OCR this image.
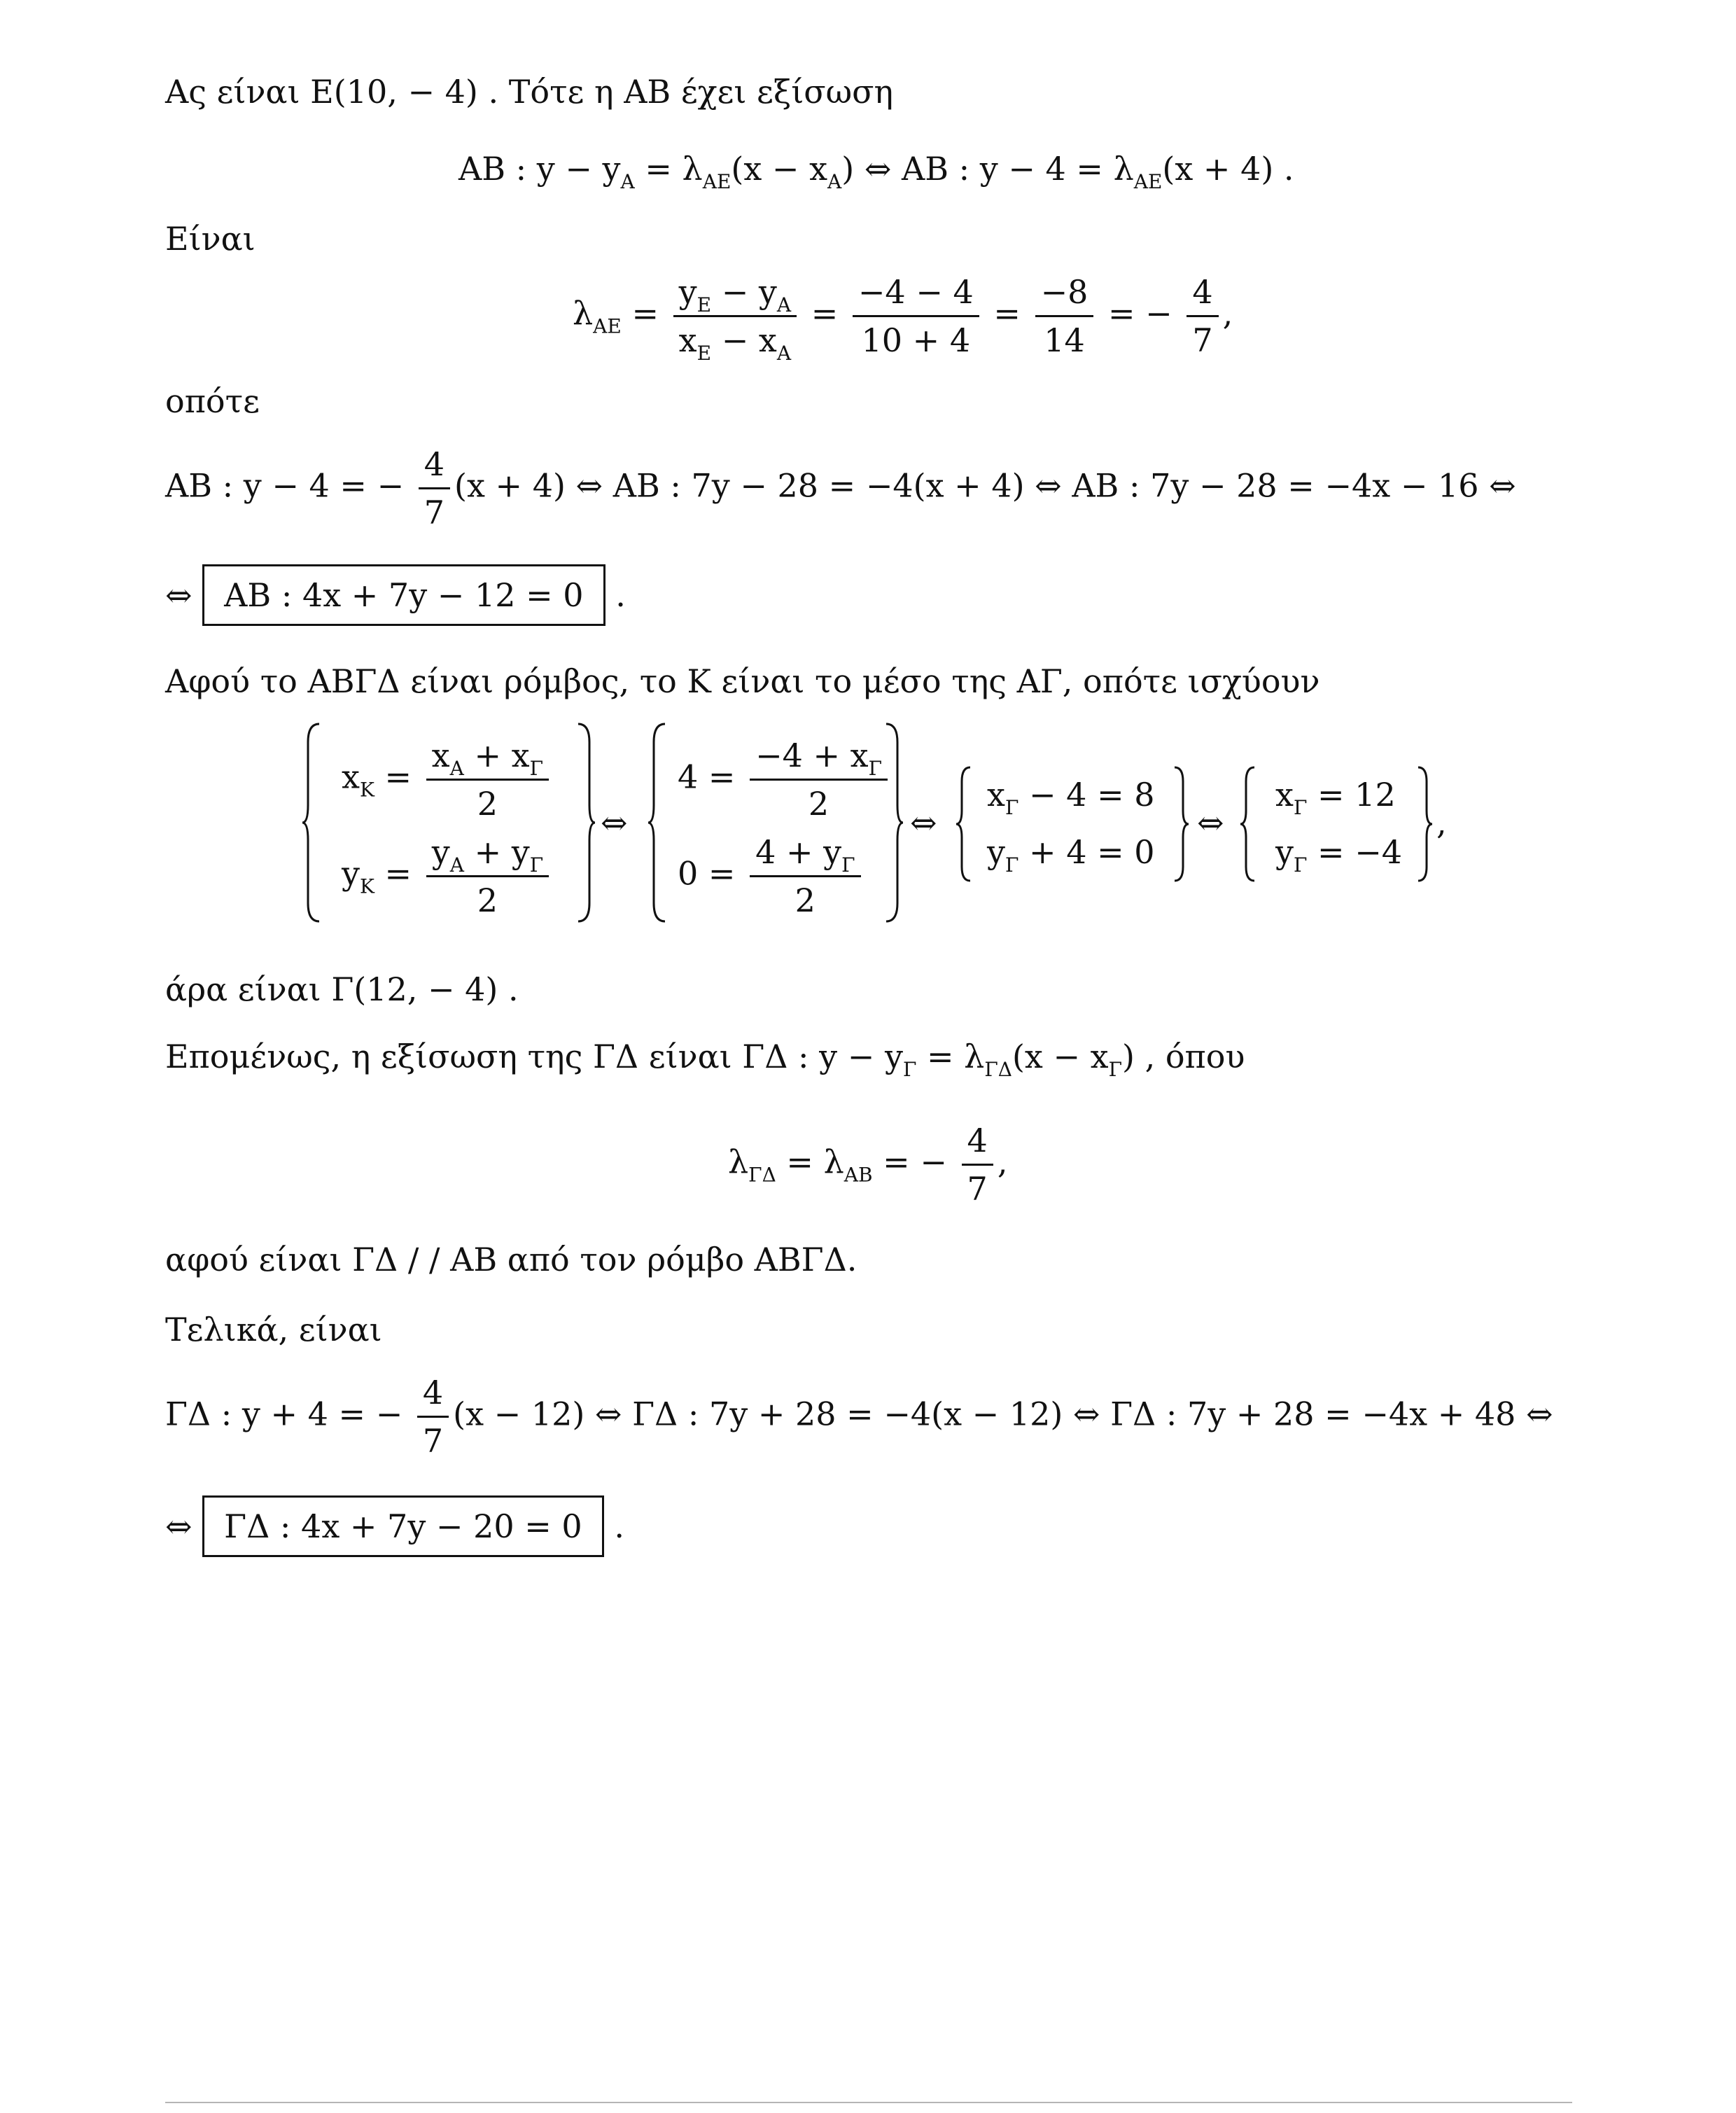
Ας είναι Ε(10, − 4) . Τότε η ΑΒ έχει εξίσωση
ΑΒ : $y - y_A = \lambda_{AE}(x - x_A)$ ⇔ ΑΒ : $y - 4 = \lambda_{AE}(x + 4)$ .
Είναι
$\lambda_{AE} = \frac{y_E - y_A}{x_E - x_A} = \frac{-4 - 4}{10 + 4} = \frac{-8}{14}$ = − $\frac{4}{7}$ ,
οπότε
ΑΒ : y − 4 = − $\frac{4}{7} (x + 4)$ ⇔ ΑΒ : 7y − 28 = −4(x + 4) ⇔ ΑΒ : 7y − 28 = −4x − 16 ⇔
⇔ ΑΒ : 4x + 7y − 12 = 0 .
Αφού το ΑΒΓΔ είναι ρόμβος, το Κ είναι το μέσο της ΑΓ, οπότε ισχύουν
$x_K = \frac{x_A + x_\Gamma}{2}$
$y_K = \frac{y_A + y_\Gamma}{2}$
⇔
$4 = \frac{-4 + x_\Gamma}{2}$
$0 = \frac{4 + y_\Gamma}{2}$
⇔
$x_\Gamma - 4 = 8$
$y_\Gamma + 4 = 0$
⇔
$x_\Gamma = 12$
$y_\Gamma = -4$
,
άρα είναι Γ(12, − 4) .
Επομένως, η εξίσωση της ΓΔ είναι ΓΔ : $y - y_\Gamma = \lambda_{\Gamma\Delta}(x - x_\Gamma)$ , όπου
$\lambda_{\Gamma\Delta} = \lambda_{AB}$ = − $\frac{4}{7}$ ,
αφού είναι ΓΔ / / ΑΒ από τον ρόμβο ΑΒΓΔ.
Τελικά, είναι
ΓΔ : y + 4 = − $\frac{4}{7} (x - 12)$ ⇔ ΓΔ : 7y + 28 = −4(x − 12) ⇔ ΓΔ : 7y + 28 = −4x + 48 ⇔
⇔ ΓΔ : 4x + 7y − 20 = 0 .
